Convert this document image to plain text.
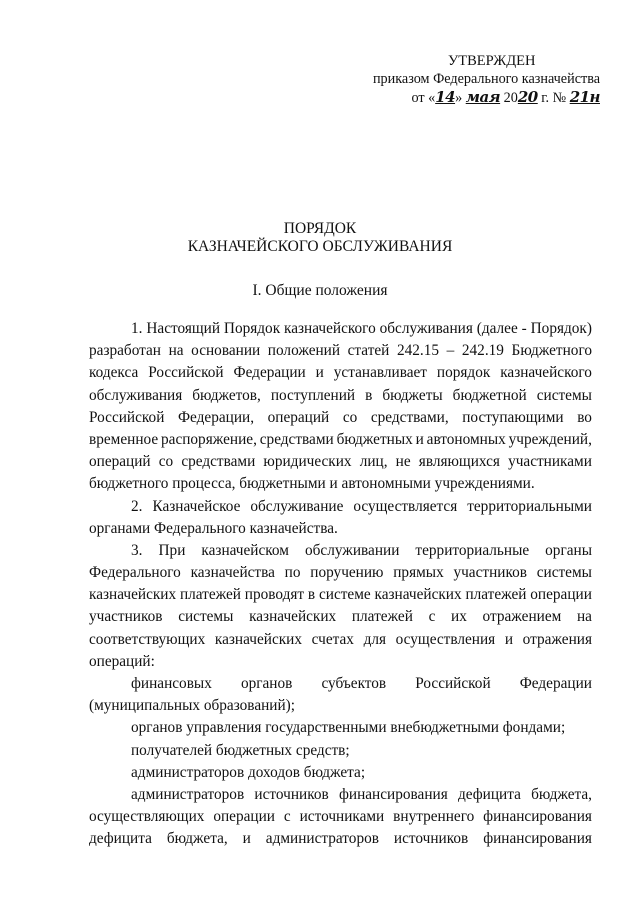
УТВЕРЖДЕН
приказом Федерального казначейства
от «14» мая 2020 г. № 21н
ПОРЯДОК
КАЗНАЧЕЙСКОГО ОБСЛУЖИВАНИЯ
I. Общие положения
1. Настоящий Порядок казначейского обслуживания (далее - Порядок)
разработан на основании положений статей 242.15 – 242.19 Бюджетного
кодекса Российской Федерации и устанавливает порядок казначейского
обслуживания бюджетов, поступлений в бюджеты бюджетной системы
Российской Федерации, операций со средствами, поступающими во
временное распоряжение, средствами бюджетных и автономных учреждений,
операций со средствами юридических лиц, не являющихся участниками
бюджетного процесса, бюджетными и автономными учреждениями.
2. Казначейское обслуживание осуществляется территориальными
органами Федерального казначейства.
3. При казначейском обслуживании территориальные органы
Федерального казначейства по поручению прямых участников системы
казначейских платежей проводят в системе казначейских платежей операции
участников системы казначейских платежей с их отражением на
соответствующих казначейских счетах для осуществления и отражения
операций:
финансовых органов субъектов Российской Федерации
(муниципальных образований);
органов управления государственными внебюджетными фондами;
получателей бюджетных средств;
администраторов доходов бюджета;
администраторов источников финансирования дефицита бюджета,
осуществляющих операции с источниками внутреннего финансирования
дефицита бюджета, и администраторов источников финансирования
